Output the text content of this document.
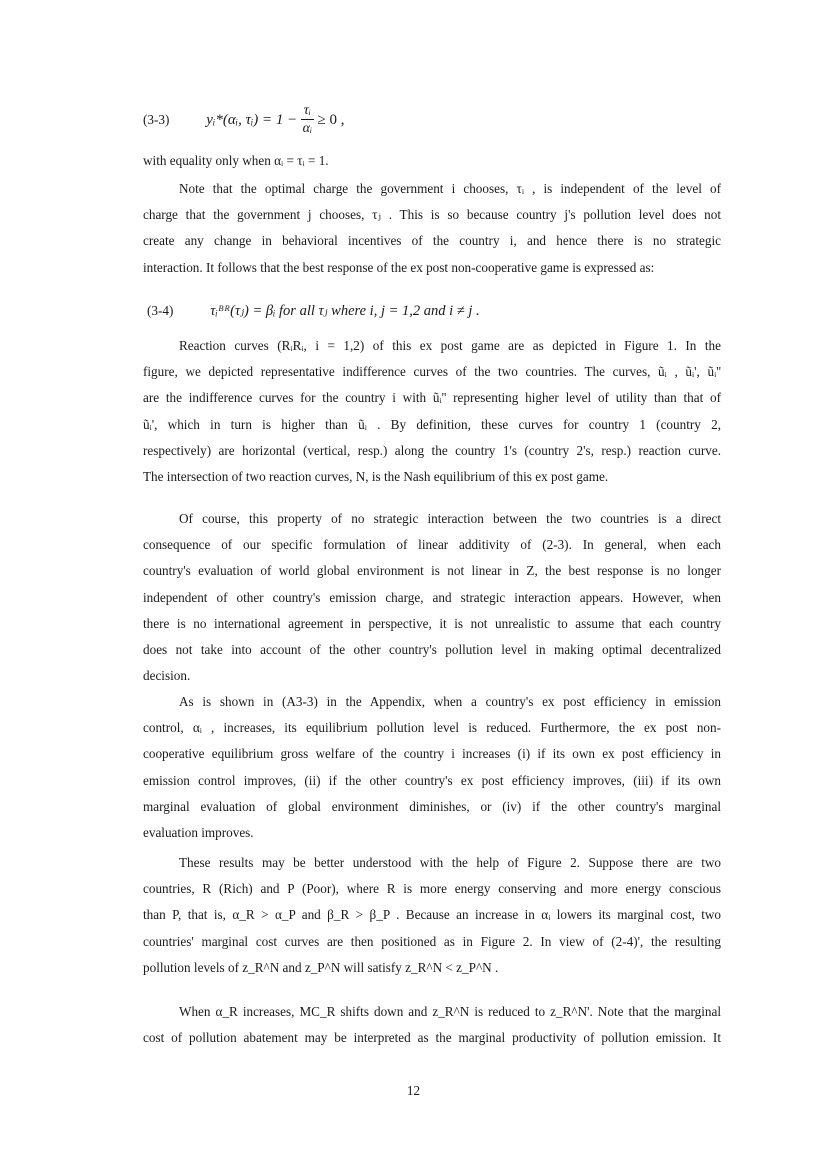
(3-3) yᵢ*(αᵢ, τᵢ) = $1 - \frac{\text{τᵢ}}{\text{αᵢ}} \ge 0$ ,
with equality only when αᵢ = τᵢ = 1.
Note that the optimal charge the government i chooses, τᵢ , is independent of the level of
charge that the government j chooses, τⱼ . This is so because country j's pollution level does not
create any change in behavioral incentives of the country i, and hence there is no strategic
interaction. It follows that the best response of the ex post non-cooperative game is expressed as:
(3-4)	τᵢᴮᴿ(τⱼ) = βᵢ for all τⱼ where i, j = 1,2 and i ≠ j .
Reaction curves (RᵢRᵢ, i = 1,2) of this ex post game are as depicted in Figure 1. In the
figure, we depicted representative indifference curves of the two countries. The curves, ũᵢ , ũᵢ', ũᵢ''
are the indifference curves for the country i with ũᵢ'' representing higher level of utility than that of
ũᵢ', which in turn is higher than ũᵢ . By definition, these curves for country 1 (country 2,
respectively) are horizontal (vertical, resp.) along the country 1's (country 2's, resp.) reaction curve.
The intersection of two reaction curves, N, is the Nash equilibrium of this ex post game.
Of course, this property of no strategic interaction between the two countries is a direct
consequence of our specific formulation of linear additivity of (2-3). In general, when each
country's evaluation of world global environment is not linear in Z, the best response is no longer
independent of other country's emission charge, and strategic interaction appears. However, when
there is no international agreement in perspective, it is not unrealistic to assume that each country
does not take into account of the other country's pollution level in making optimal decentralized
decision.
As is shown in (A3-3) in the Appendix, when a country's ex post efficiency in emission
control, αᵢ , increases, its equilibrium pollution level is reduced. Furthermore, the ex post non-
cooperative equilibrium gross welfare of the country i increases (i) if its own ex post efficiency in
emission control improves, (ii) if the other country's ex post efficiency improves, (iii) if its own
marginal evaluation of global environment diminishes, or (iv) if the other country's marginal
evaluation improves.
These results may be better understood with the help of Figure 2. Suppose there are two
countries, R (Rich) and P (Poor), where R is more energy conserving and more energy conscious
than P, that is, α_R > α_P and β_R > β_P . Because an increase in αᵢ lowers its marginal cost, two
countries' marginal cost curves are then positioned as in Figure 2. In view of (2-4)', the resulting
pollution levels of z_R^N and z_P^N will satisfy z_R^N < z_P^N .
When α_R increases, MC_R shifts down and z_R^N is reduced to z_R^N'. Note that the marginal
cost of pollution abatement may be interpreted as the marginal productivity of pollution emission. It
12
